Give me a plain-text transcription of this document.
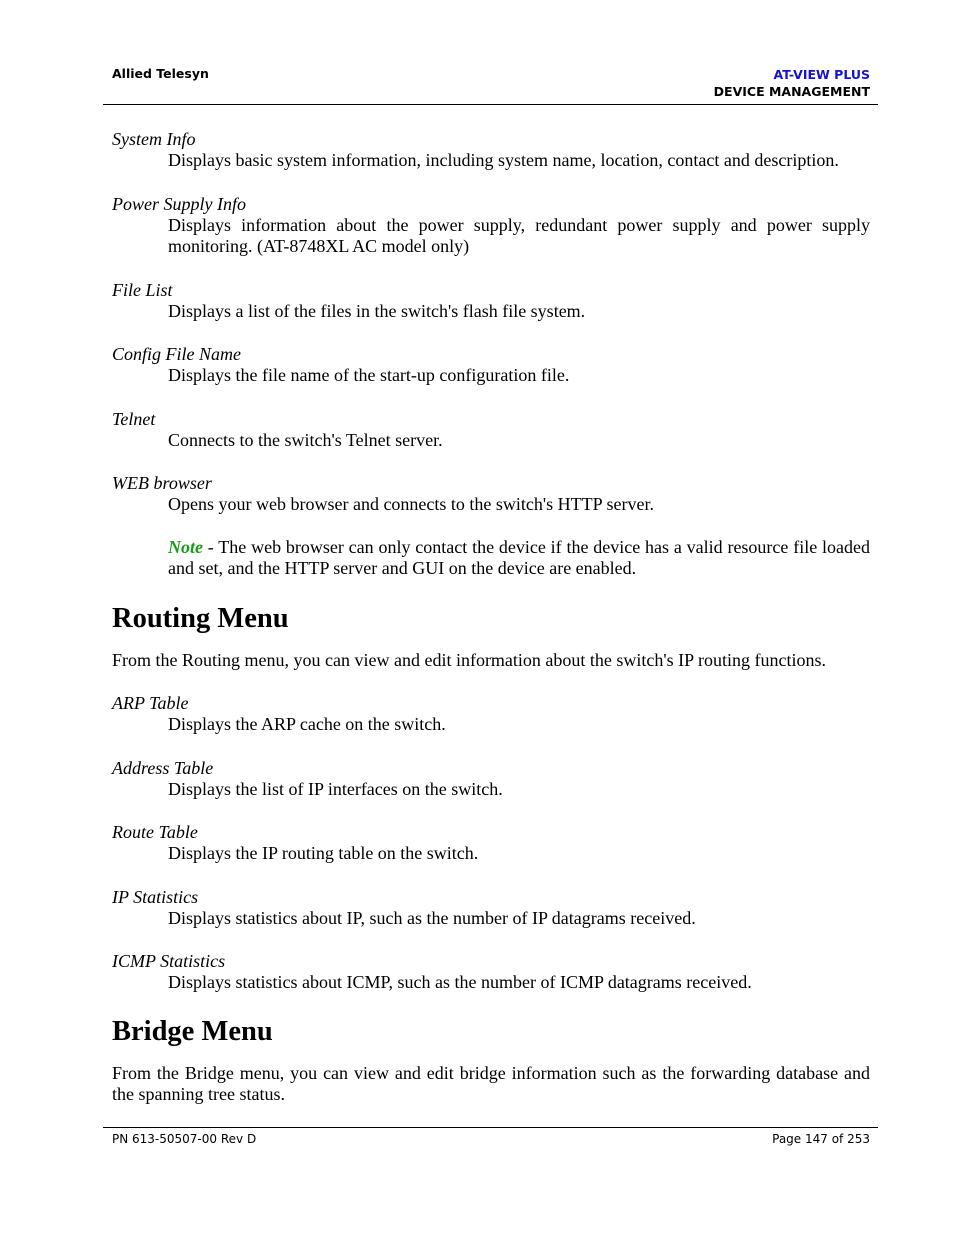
Allied Telesyn	AT-VIEW PLUS
DEVICE MANAGEMENT

System Info

Displays basic system information, including system name, location, contact and description.

Power Supply Info

Displays information about the power supply, redundant power supply and power supply monitoring. (AT-8748XL AC model only)

File List

Displays a list of the files in the switch's flash file system.

Config File Name

Displays the file name of the start-up configuration file.

Telnet

Connects to the switch's Telnet server.

WEB browser

Opens your web browser and connects to the switch's HTTP server.

Note - The web browser can only contact the device if the device has a valid resource file loaded and set, and the HTTP server and GUI on the device are enabled.

Routing Menu

From the Routing menu, you can view and edit information about the switch's IP routing functions.

ARP Table

Displays the ARP cache on the switch.

Address Table

Displays the list of IP interfaces on the switch.

Route Table

Displays the IP routing table on the switch.

IP Statistics

Displays statistics about IP, such as the number of IP datagrams received.

ICMP Statistics

Displays statistics about ICMP, such as the number of ICMP datagrams received.

Bridge Menu

From the Bridge menu, you can view and edit bridge information such as the forwarding database and the spanning tree status.

PN 613-50507-00 Rev D	Page 147 of 253
